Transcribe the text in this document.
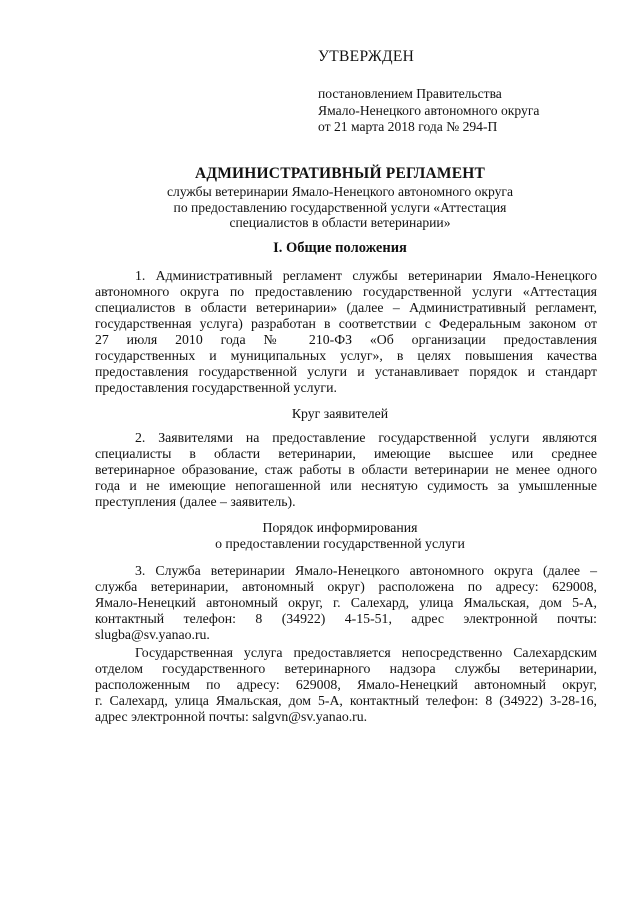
УТВЕРЖДЕН
постановлением Правительства
Ямало-Ненецкого автономного округа
от 21 марта 2018 года № 294-П
АДМИНИСТРАТИВНЫЙ РЕГЛАМЕНТ
службы ветеринарии Ямало-Ненецкого автономного округа
по предоставлению государственной услуги «Аттестация
специалистов в области ветеринарии»
I. Общие положения
1. Административный регламент службы ветеринарии Ямало-Ненецкого
автономного округа по предоставлению государственной услуги «Аттестация
специалистов в области ветеринарии» (далее – Административный регламент,
государственная услуга) разработан в соответствии с Федеральным законом от
27 июля 2010 года № 210-ФЗ «Об организации предоставления
государственных и муниципальных услуг», в целях повышения качества
предоставления государственной услуги и устанавливает порядок и стандарт
предоставления государственной услуги.
Круг заявителей
2. Заявителями на предоставление государственной услуги являются
специалисты в области ветеринарии, имеющие высшее или среднее
ветеринарное образование, стаж работы в области ветеринарии не менее одного
года и не имеющие непогашенной или неснятую судимость за умышленные
преступления (далее – заявитель).
Порядок информирования
о предоставлении государственной услуги
3. Служба ветеринарии Ямало-Ненецкого автономного округа (далее –
служба ветеринарии, автономный округ) расположена по адресу: 629008,
Ямало-Ненецкий автономный округ, г. Салехард, улица Ямальская, дом 5-А,
контактный телефон: 8 (34922) 4-15-51, адрес электронной почты:
slugba@sv.yanao.ru.
Государственная услуга предоставляется непосредственно Салехардским
отделом государственного ветеринарного надзора службы ветеринарии,
расположенным по адресу: 629008, Ямало-Ненецкий автономный округ,
г. Салехард, улица Ямальская, дом 5-А, контактный телефон: 8 (34922) 3-28-16,
адрес электронной почты: salgvn@sv.yanao.ru.
